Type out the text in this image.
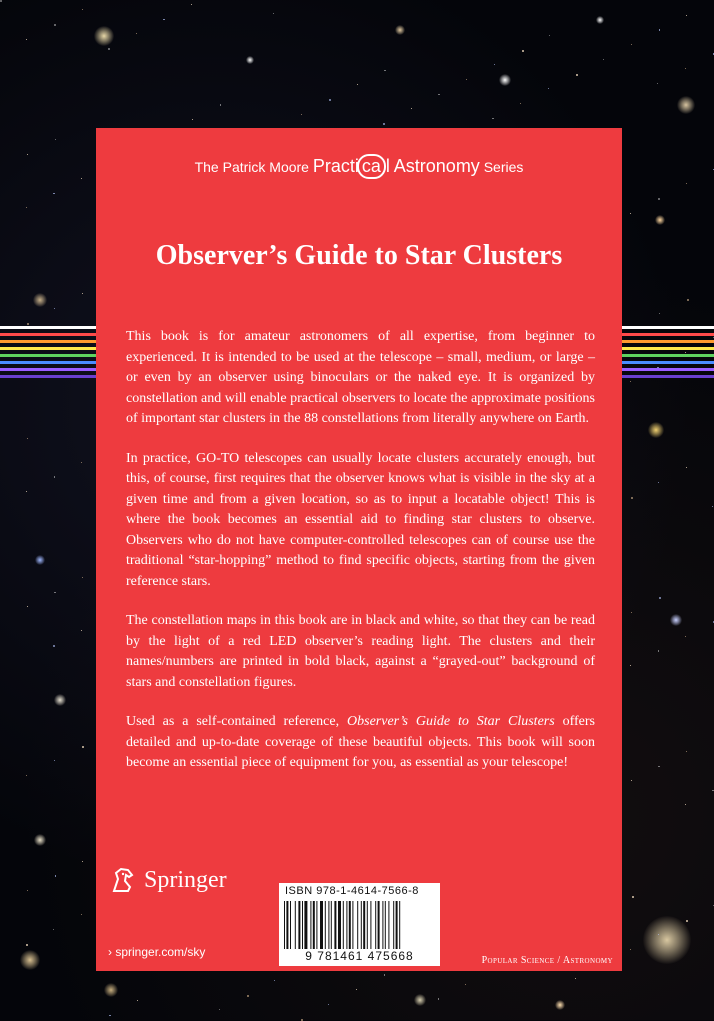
The Patrick Moore Practi ca l Astronomy Series
Observer’s Guide to Star Clusters

This book is for amateur astronomers of all expertise, from beginner to experienced. It is intended to be used at the telescope – small, medium, or large – or even by an observer using binoculars or the naked eye. It is organized by constellation and will enable practical observers to locate the approximate positions of important star clusters in the 88 constellations from literally anywhere on Earth.

In practice, GO-TO telescopes can usually locate clusters accurately enough, but this, of course, first requires that the observer knows what is visible in the sky at a given time and from a given location, so as to input a locatable object! This is where the book becomes an essential aid to finding star clusters to observe. Observers who do not have computer-controlled telescopes can of course use the traditional “star-hopping” method to find specific objects, starting from the given reference stars.

The constellation maps in this book are in black and white, so that they can be read by the light of a red LED observer’s reading light. The clusters and their names/numbers are printed in bold black, against a “grayed-out” background of stars and constellation figures.

Used as a self-contained reference, Observer’s Guide to Star Clusters offers detailed and up-to-date coverage of these beautiful objects. This book will soon become an essential piece of equipment for you, as essential as your telescope!

Springer
› springer.com/sky
ISBN 978-1-4614-7566-8
9 781461 475668	Popular Science / Astronomy
